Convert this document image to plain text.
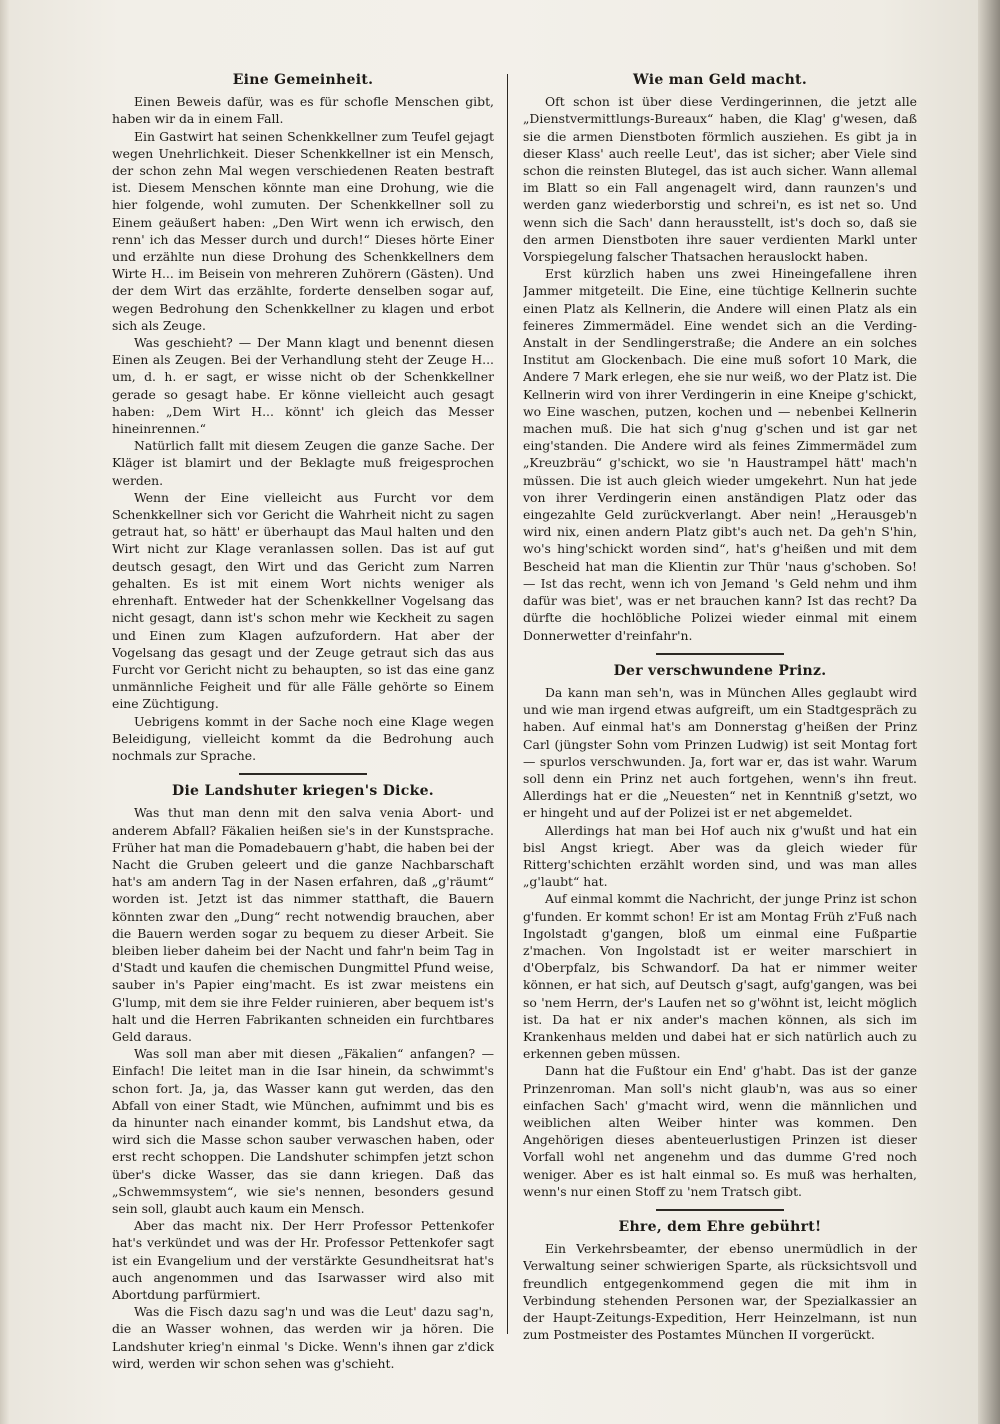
Eine Gemeinheit.

Einen Beweis dafür, was es für schofle Menschen gibt, haben wir da in einem Fall.

Ein Gastwirt hat seinen Schenkkellner zum Teufel gejagt wegen Unehrlichkeit. Dieser Schenkkellner ist ein Mensch, der schon zehn Mal wegen verschiedenen Reaten bestraft ist. Diesem Menschen könnte man eine Drohung, wie die hier folgende, wohl zumuten. Der Schenkkellner soll zu Einem geäußert haben: „Den Wirt wenn ich erwisch, den renn' ich das Messer durch und durch!“ Dieses hörte Einer und erzählte nun diese Drohung des Schenkkellners dem Wirte H... im Beisein von mehreren Zuhörern (Gästen). Und der dem Wirt das erzählte, forderte denselben sogar auf, wegen Bedrohung den Schenkkellner zu klagen und erbot sich als Zeuge.

Was geschieht? — Der Mann klagt und benennt diesen Einen als Zeugen. Bei der Verhandlung steht der Zeuge H... um, d. h. er sagt, er wisse nicht ob der Schenkkellner gerade so gesagt habe. Er könne vielleicht auch gesagt haben: „Dem Wirt H... könnt' ich gleich das Messer hineinrennen.“

Natürlich fallt mit diesem Zeugen die ganze Sache. Der Kläger ist blamirt und der Beklagte muß freigesprochen werden.

Wenn der Eine vielleicht aus Furcht vor dem Schenkkellner sich vor Gericht die Wahrheit nicht zu sagen getraut hat, so hätt' er überhaupt das Maul halten und den Wirt nicht zur Klage veranlassen sollen. Das ist auf gut deutsch gesagt, den Wirt und das Gericht zum Narren gehalten. Es ist mit einem Wort nichts weniger als ehrenhaft. Entweder hat der Schenkkellner Vogelsang das nicht gesagt, dann ist's schon mehr wie Keckheit zu sagen und Einen zum Klagen aufzufordern. Hat aber der Vogelsang das gesagt und der Zeuge getraut sich das aus Furcht vor Gericht nicht zu behaupten, so ist das eine ganz unmännliche Feigheit und für alle Fälle gehörte so Einem eine Züchtigung.

Uebrigens kommt in der Sache noch eine Klage wegen Beleidigung, vielleicht kommt da die Bedrohung auch nochmals zur Sprache.

Die Landshuter kriegen's Dicke.

Was thut man denn mit den salva venia Abort- und anderem Abfall? Fäkalien heißen sie's in der Kunstsprache. Früher hat man die Pomadebauern g'habt, die haben bei der Nacht die Gruben geleert und die ganze Nachbarschaft hat's am andern Tag in der Nasen erfahren, daß „g'räumt“ worden ist. Jetzt ist das nimmer statthaft, die Bauern könnten zwar den „Dung“ recht notwendig brauchen, aber die Bauern werden sogar zu bequem zu dieser Arbeit. Sie bleiben lieber daheim bei der Nacht und fahr'n beim Tag in d'Stadt und kaufen die chemischen Dungmittel Pfund weise, sauber in's Papier eing'macht. Es ist zwar meistens ein G'lump, mit dem sie ihre Felder ruinieren, aber bequem ist's halt und die Herren Fabrikanten schneiden ein furchtbares Geld daraus.

Was soll man aber mit diesen „Fäkalien“ anfangen? — Einfach! Die leitet man in die Isar hinein, da schwimmt's schon fort. Ja, ja, das Wasser kann gut werden, das den Abfall von einer Stadt, wie München, aufnimmt und bis es da hinunter nach einander kommt, bis Landshut etwa, da wird sich die Masse schon sauber verwaschen haben, oder erst recht schoppen. Die Landshuter schimpfen jetzt schon über's dicke Wasser, das sie dann kriegen. Daß das „Schwemmsystem“, wie sie's nennen, besonders gesund sein soll, glaubt auch kaum ein Mensch.

Aber das macht nix. Der Herr Professor Pettenkofer hat's verkündet und was der Hr. Professor Pettenkofer sagt ist ein Evangelium und der verstärkte Gesundheitsrat hat's auch angenommen und das Isarwasser wird also mit Abortdung parfürmiert.

Was die Fisch dazu sag'n und was die Leut' dazu sag'n, die an Wasser wohnen, das werden wir ja hören. Die Landshuter krieg'n einmal 's Dicke. Wenn's ihnen gar z'dick wird, werden wir schon sehen was g'schieht.

Wie man Geld macht.

Oft schon ist über diese Verdingerinnen, die jetzt alle „Dienstvermittlungs-Bureaux“ haben, die Klag' g'wesen, daß sie die armen Dienstboten förmlich ausziehen. Es gibt ja in dieser Klass' auch reelle Leut', das ist sicher; aber Viele sind schon die reinsten Blutegel, das ist auch sicher. Wann allemal im Blatt so ein Fall angenagelt wird, dann raunzen's und werden ganz wiederborstig und schrei'n, es ist net so. Und wenn sich die Sach' dann herausstellt, ist's doch so, daß sie den armen Dienstboten ihre sauer verdienten Markl unter Vorspiegelung falscher Thatsachen herauslockt haben.

Erst kürzlich haben uns zwei Hineingefallene ihren Jammer mitgeteilt. Die Eine, eine tüchtige Kellnerin suchte einen Platz als Kellnerin, die Andere will einen Platz als ein feineres Zimmermädel. Eine wendet sich an die Verding-Anstalt in der Sendlingerstraße; die Andere an ein solches Institut am Glockenbach. Die eine muß sofort 10 Mark, die Andere 7 Mark erlegen, ehe sie nur weiß, wo der Platz ist. Die Kellnerin wird von ihrer Verdingerin in eine Kneipe g'schickt, wo Eine waschen, putzen, kochen und — nebenbei Kellnerin machen muß. Die hat sich g'nug g'schen und ist gar net eing'standen. Die Andere wird als feines Zimmermädel zum „Kreuzbräu“ g'schickt, wo sie 'n Haustrampel hätt' mach'n müssen. Die ist auch gleich wieder umgekehrt. Nun hat jede von ihrer Verdingerin einen anständigen Platz oder das eingezahlte Geld zurückverlangt. Aber nein! „Herausgeb'n wird nix, einen andern Platz gibt's auch net. Da geh'n S'hin, wo's hing'schickt worden sind“, hat's g'heißen und mit dem Bescheid hat man die Klientin zur Thür 'naus g'schoben. So! — Ist das recht, wenn ich von Jemand 's Geld nehm und ihm dafür was biet', was er net brauchen kann? Ist das recht? Da dürfte die hochlöbliche Polizei wieder einmal mit einem Donnerwetter d'reinfahr'n.

Der verschwundene Prinz.

Da kann man seh'n, was in München Alles geglaubt wird und wie man irgend etwas aufgreift, um ein Stadtgespräch zu haben. Auf einmal hat's am Donnerstag g'heißen der Prinz Carl (jüngster Sohn vom Prinzen Ludwig) ist seit Montag fort — spurlos verschwunden. Ja, fort war er, das ist wahr. Warum soll denn ein Prinz net auch fortgehen, wenn's ihn freut. Allerdings hat er die „Neuesten“ net in Kenntniß g'setzt, wo er hingeht und auf der Polizei ist er net abgemeldet.

Allerdings hat man bei Hof auch nix g'wußt und hat ein bisl Angst kriegt. Aber was da gleich wieder für Ritterg'schichten erzählt worden sind, und was man alles „g'laubt“ hat.

Auf einmal kommt die Nachricht, der junge Prinz ist schon g'funden. Er kommt schon! Er ist am Montag Früh z'Fuß nach Ingolstadt g'gangen, bloß um einmal eine Fußpartie z'machen. Von Ingolstadt ist er weiter marschiert in d'Oberpfalz, bis Schwandorf. Da hat er nimmer weiter können, er hat sich, auf Deutsch g'sagt, aufg'gangen, was bei so 'nem Herrn, der's Laufen net so g'wöhnt ist, leicht möglich ist. Da hat er nix ander's machen können, als sich im Krankenhaus melden und dabei hat er sich natürlich auch zu erkennen geben müssen.

Dann hat die Fußtour ein End' g'habt. Das ist der ganze Prinzenroman. Man soll's nicht glaub'n, was aus so einer einfachen Sach' g'macht wird, wenn die männlichen und weiblichen alten Weiber hinter was kommen. Den Angehörigen dieses abenteuerlustigen Prinzen ist dieser Vorfall wohl net angenehm und das dumme G'red noch weniger. Aber es ist halt einmal so. Es muß was herhalten, wenn's nur einen Stoff zu 'nem Tratsch gibt.

Ehre, dem Ehre gebührt!

Ein Verkehrsbeamter, der ebenso unermüdlich in der Verwaltung seiner schwierigen Sparte, als rücksichtsvoll und freundlich entgegenkommend gegen die mit ihm in Verbindung stehenden Personen war, der Spezialkassier an der Haupt-Zeitungs-Expedition, Herr Heinzelmann, ist nun zum Postmeister des Postamtes München II vorgerückt.
